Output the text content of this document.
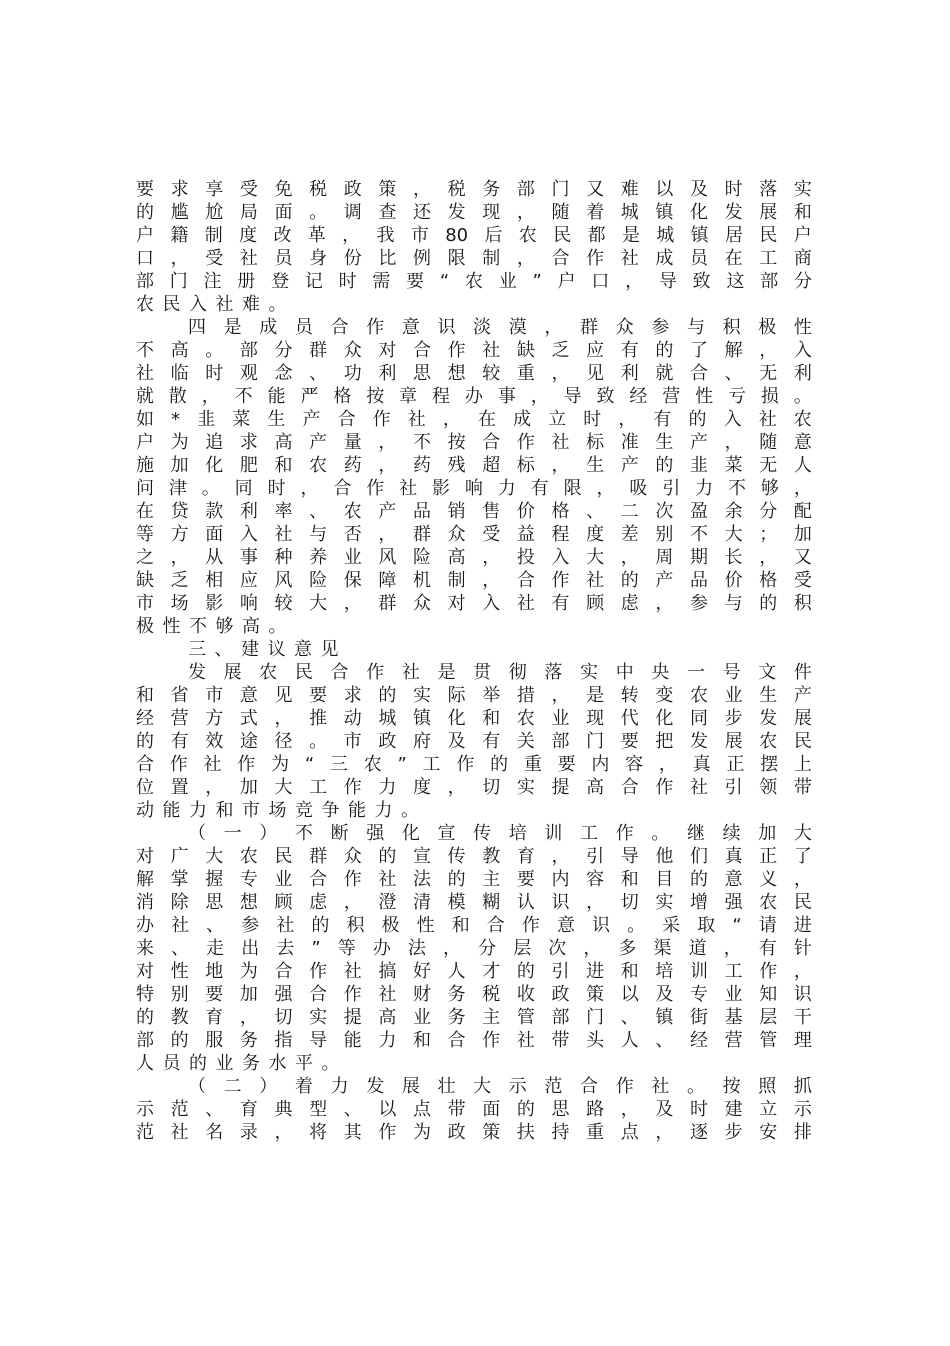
要 求 享 受 免 税 政 策 ， 税 务 部 门 又 难 以 及 时 落 实
的 尴 尬 局 面 。 调 查 还 发 现 ， 随 着 城 镇 化 发 展 和
户 籍 制 度 改 革 ， 我 市 80 后 农 民 都 是 城 镇 居 民 户
口 ， 受 社 员 身 份 比 例 限 制 ， 合 作 社 成 员 在 工 商
部 门 注 册 登 记 时 需 要 “ 农 业 ” 户 口 ， 导 致 这 部 分
农 民 入 社 难 。
四 是 成 员 合 作 意 识 淡 漠 ， 群 众 参 与 积 极 性
不 高 。 部 分 群 众 对 合 作 社 缺 乏 应 有 的 了 解 ， 入
社 临 时 观 念 、 功 利 思 想 较 重 ， 见 利 就 合 、 无 利
就 散 ， 不 能 严 格 按 章 程 办 事 ， 导 致 经 营 性 亏 损 。
如 * 韭 菜 生 产 合 作 社 ， 在 成 立 时 ， 有 的 入 社 农
户 为 追 求 高 产 量 ， 不 按 合 作 社 标 准 生 产 ， 随 意
施 加 化 肥 和 农 药 ， 药 残 超 标 ， 生 产 的 韭 菜 无 人
问 津 。 同 时 ， 合 作 社 影 响 力 有 限 ， 吸 引 力 不 够 ，
在 贷 款 利 率 、 农 产 品 销 售 价 格 、 二 次 盈 余 分 配
等 方 面 入 社 与 否 ， 群 众 受 益 程 度 差 别 不 大 ； 加
之 ， 从 事 种 养 业 风 险 高 ， 投 入 大 ， 周 期 长 ， 又
缺 乏 相 应 风 险 保 障 机 制 ， 合 作 社 的 产 品 价 格 受
市 场 影 响 较 大 ， 群 众 对 入 社 有 顾 虑 ， 参 与 的 积
极 性 不 够 高 。
三 、 建 议 意 见
发 展 农 民 合 作 社 是 贯 彻 落 实 中 央 一 号 文 件
和 省 市 意 见 要 求 的 实 际 举 措 ， 是 转 变 农 业 生 产
经 营 方 式 ， 推 动 城 镇 化 和 农 业 现 代 化 同 步 发 展
的 有 效 途 径 。 市 政 府 及 有 关 部 门 要 把 发 展 农 民
合 作 社 作 为 “ 三 农 ” 工 作 的 重 要 内 容 ， 真 正 摆 上
位 置 ， 加 大 工 作 力 度 ， 切 实 提 高 合 作 社 引 领 带
动 能 力 和 市 场 竞 争 能 力 。
（ 一 ） 不 断 强 化 宣 传 培 训 工 作 。 继 续 加 大
对 广 大 农 民 群 众 的 宣 传 教 育 ， 引 导 他 们 真 正 了
解 掌 握 专 业 合 作 社 法 的 主 要 内 容 和 目 的 意 义 ，
消 除 思 想 顾 虑 ， 澄 清 模 糊 认 识 ， 切 实 增 强 农 民
办 社 、 参 社 的 积 极 性 和 合 作 意 识 。 采 取 “ 请 进
来 、 走 出 去 ” 等 办 法 ， 分 层 次 ， 多 渠 道 ， 有 针
对 性 地 为 合 作 社 搞 好 人 才 的 引 进 和 培 训 工 作 ，
特 别 要 加 强 合 作 社 财 务 税 收 政 策 以 及 专 业 知 识
的 教 育 ， 切 实 提 高 业 务 主 管 部 门 、 镇 街 基 层 干
部 的 服 务 指 导 能 力 和 合 作 社 带 头 人 、 经 营 管 理
人 员 的 业 务 水 平 。
（ 二 ） 着 力 发 展 壮 大 示 范 合 作 社 。 按 照 抓
示 范 、 育 典 型 、 以 点 带 面 的 思 路 ， 及 时 建 立 示
范 社 名 录 ， 将 其 作 为 政 策 扶 持 重 点 ， 逐 步 安 排
